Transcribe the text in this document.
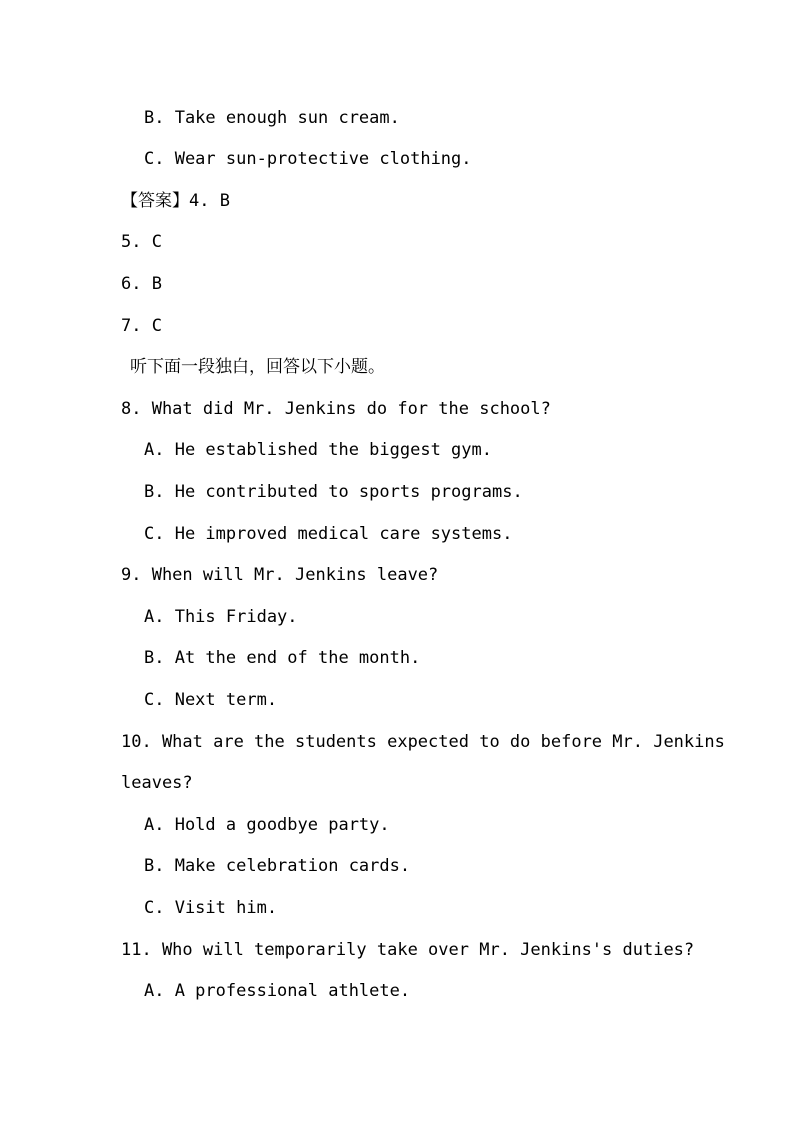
B. Take enough sun cream.
C. Wear sun-protective clothing.
【答案】4. B
5. C
6. B
7. C
听下面一段独白，回答以下小题。
8. What did Mr. Jenkins do for the school?
A. He established the biggest gym.
B. He contributed to sports programs.
C. He improved medical care systems.
9. When will Mr. Jenkins leave?
A. This Friday.
B. At the end of the month.
C. Next term.
10. What are the students expected to do before Mr. Jenkins
leaves?
A. Hold a goodbye party.
B. Make celebration cards.
C. Visit him.
11. Who will temporarily take over Mr. Jenkins's duties?
A. A professional athlete.
